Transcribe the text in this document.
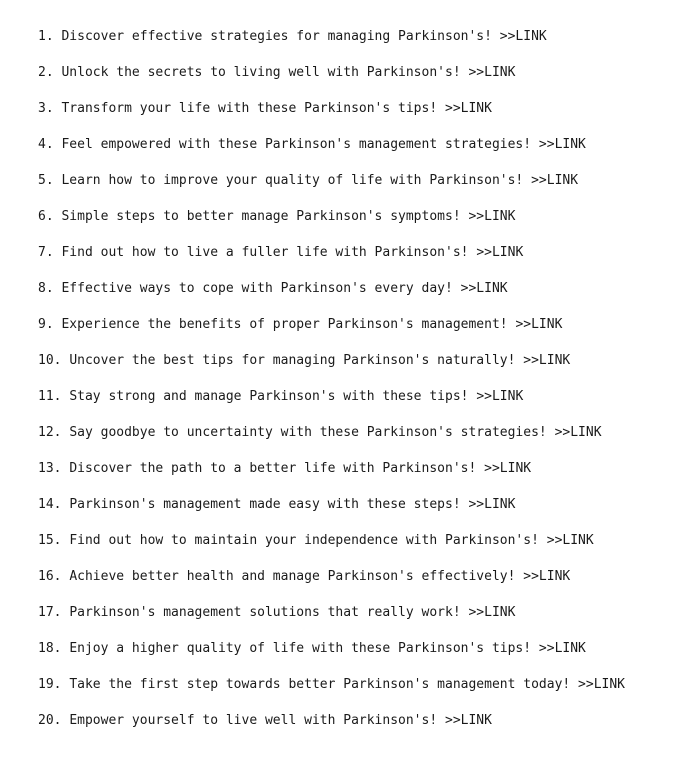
1. Discover effective strategies for managing Parkinson's! >>LINK
2. Unlock the secrets to living well with Parkinson's! >>LINK
3. Transform your life with these Parkinson's tips! >>LINK
4. Feel empowered with these Parkinson's management strategies! >>LINK
5. Learn how to improve your quality of life with Parkinson's! >>LINK
6. Simple steps to better manage Parkinson's symptoms! >>LINK
7. Find out how to live a fuller life with Parkinson's! >>LINK
8. Effective ways to cope with Parkinson's every day! >>LINK
9. Experience the benefits of proper Parkinson's management! >>LINK
10. Uncover the best tips for managing Parkinson's naturally! >>LINK
11. Stay strong and manage Parkinson's with these tips! >>LINK
12. Say goodbye to uncertainty with these Parkinson's strategies! >>LINK
13. Discover the path to a better life with Parkinson's! >>LINK
14. Parkinson's management made easy with these steps! >>LINK
15. Find out how to maintain your independence with Parkinson's! >>LINK
16. Achieve better health and manage Parkinson's effectively! >>LINK
17. Parkinson's management solutions that really work! >>LINK
18. Enjoy a higher quality of life with these Parkinson's tips! >>LINK
19. Take the first step towards better Parkinson's management today! >>LINK
20. Empower yourself to live well with Parkinson's! >>LINK
